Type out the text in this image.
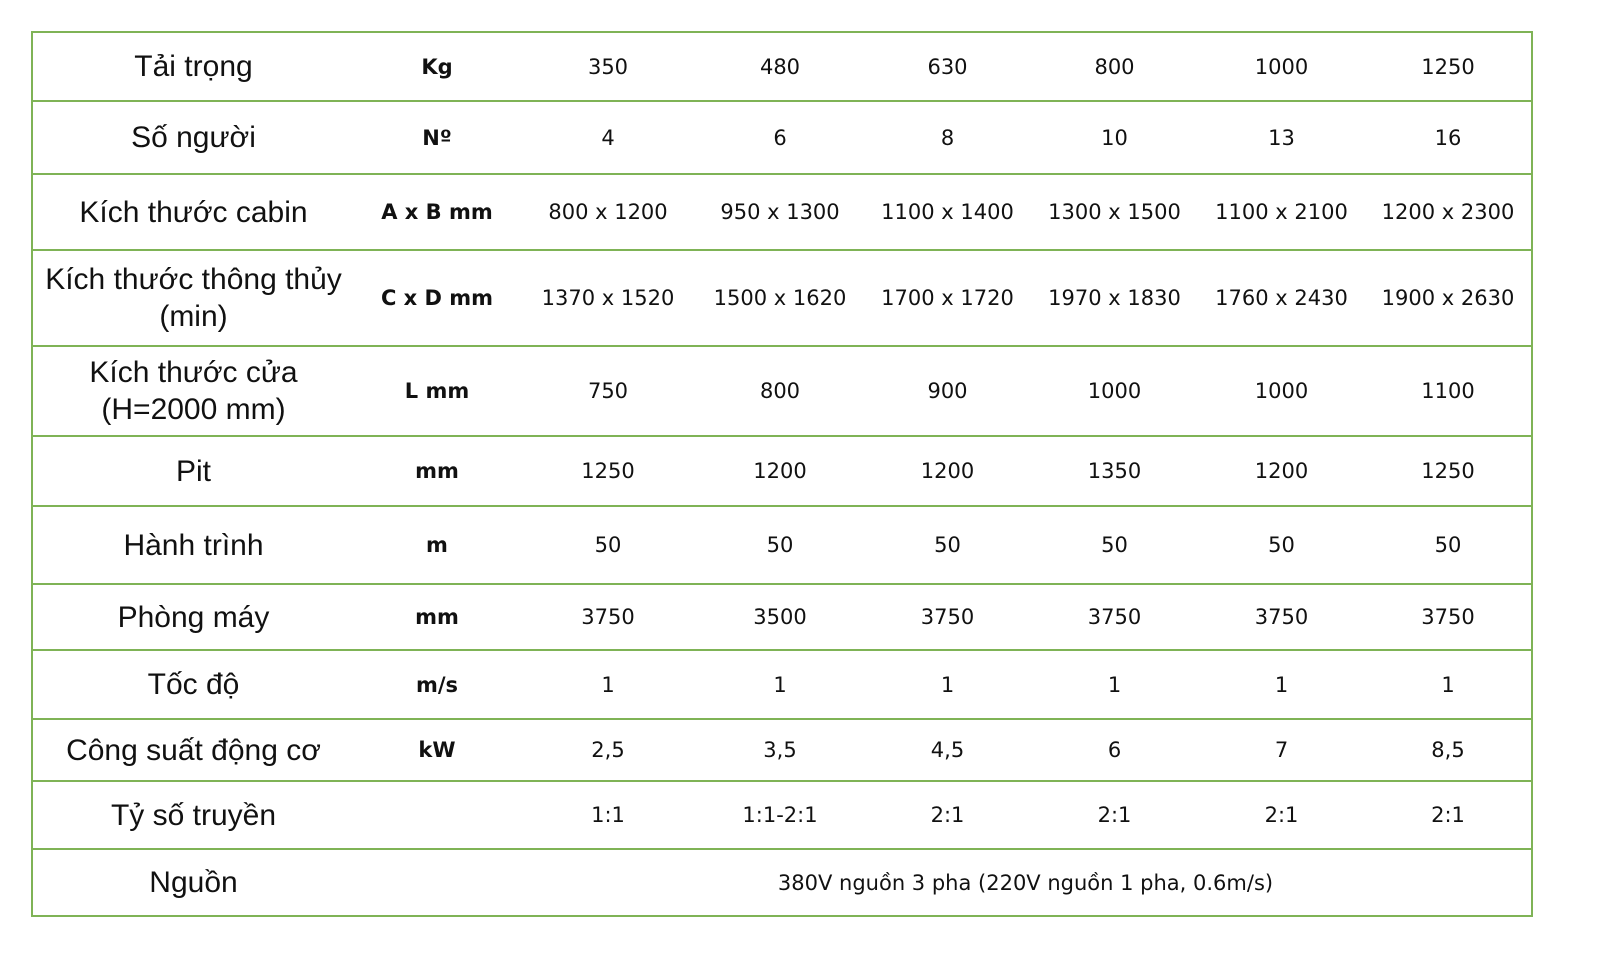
Tải trọng	Kg	350	480	630	800	1000	1250
Số người	Nº	4	6	8	10	13	16
Kích thước cabin	A x B mm	800 x 1200	950 x 1300	1100 x 1400	1300 x 1500	1100 x 2100	1200 x 2300
Kích thước thông thủy (min)	C x D mm	1370 x 1520	1500 x 1620	1700 x 1720	1970 x 1830	1760 x 2430	1900 x 2630
Kích thước cửa (H=2000 mm)	L mm	750	800	900	1000	1000	1100
Pit	mm	1250	1200	1200	1350	1200	1250
Hành trình	m	50	50	50	50	50	50
Phòng máy	mm	3750	3500	3750	3750	3750	3750
Tốc độ	m/s	1	1	1	1	1	1
Công suất động cơ	kW	2,5	3,5	4,5	6	7	8,5
Tỷ số truyền		1:1	1:1-2:1	2:1	2:1	2:1	2:1
Nguồn		380V nguồn 3 pha (220V nguồn 1 pha, 0.6m/s)					
